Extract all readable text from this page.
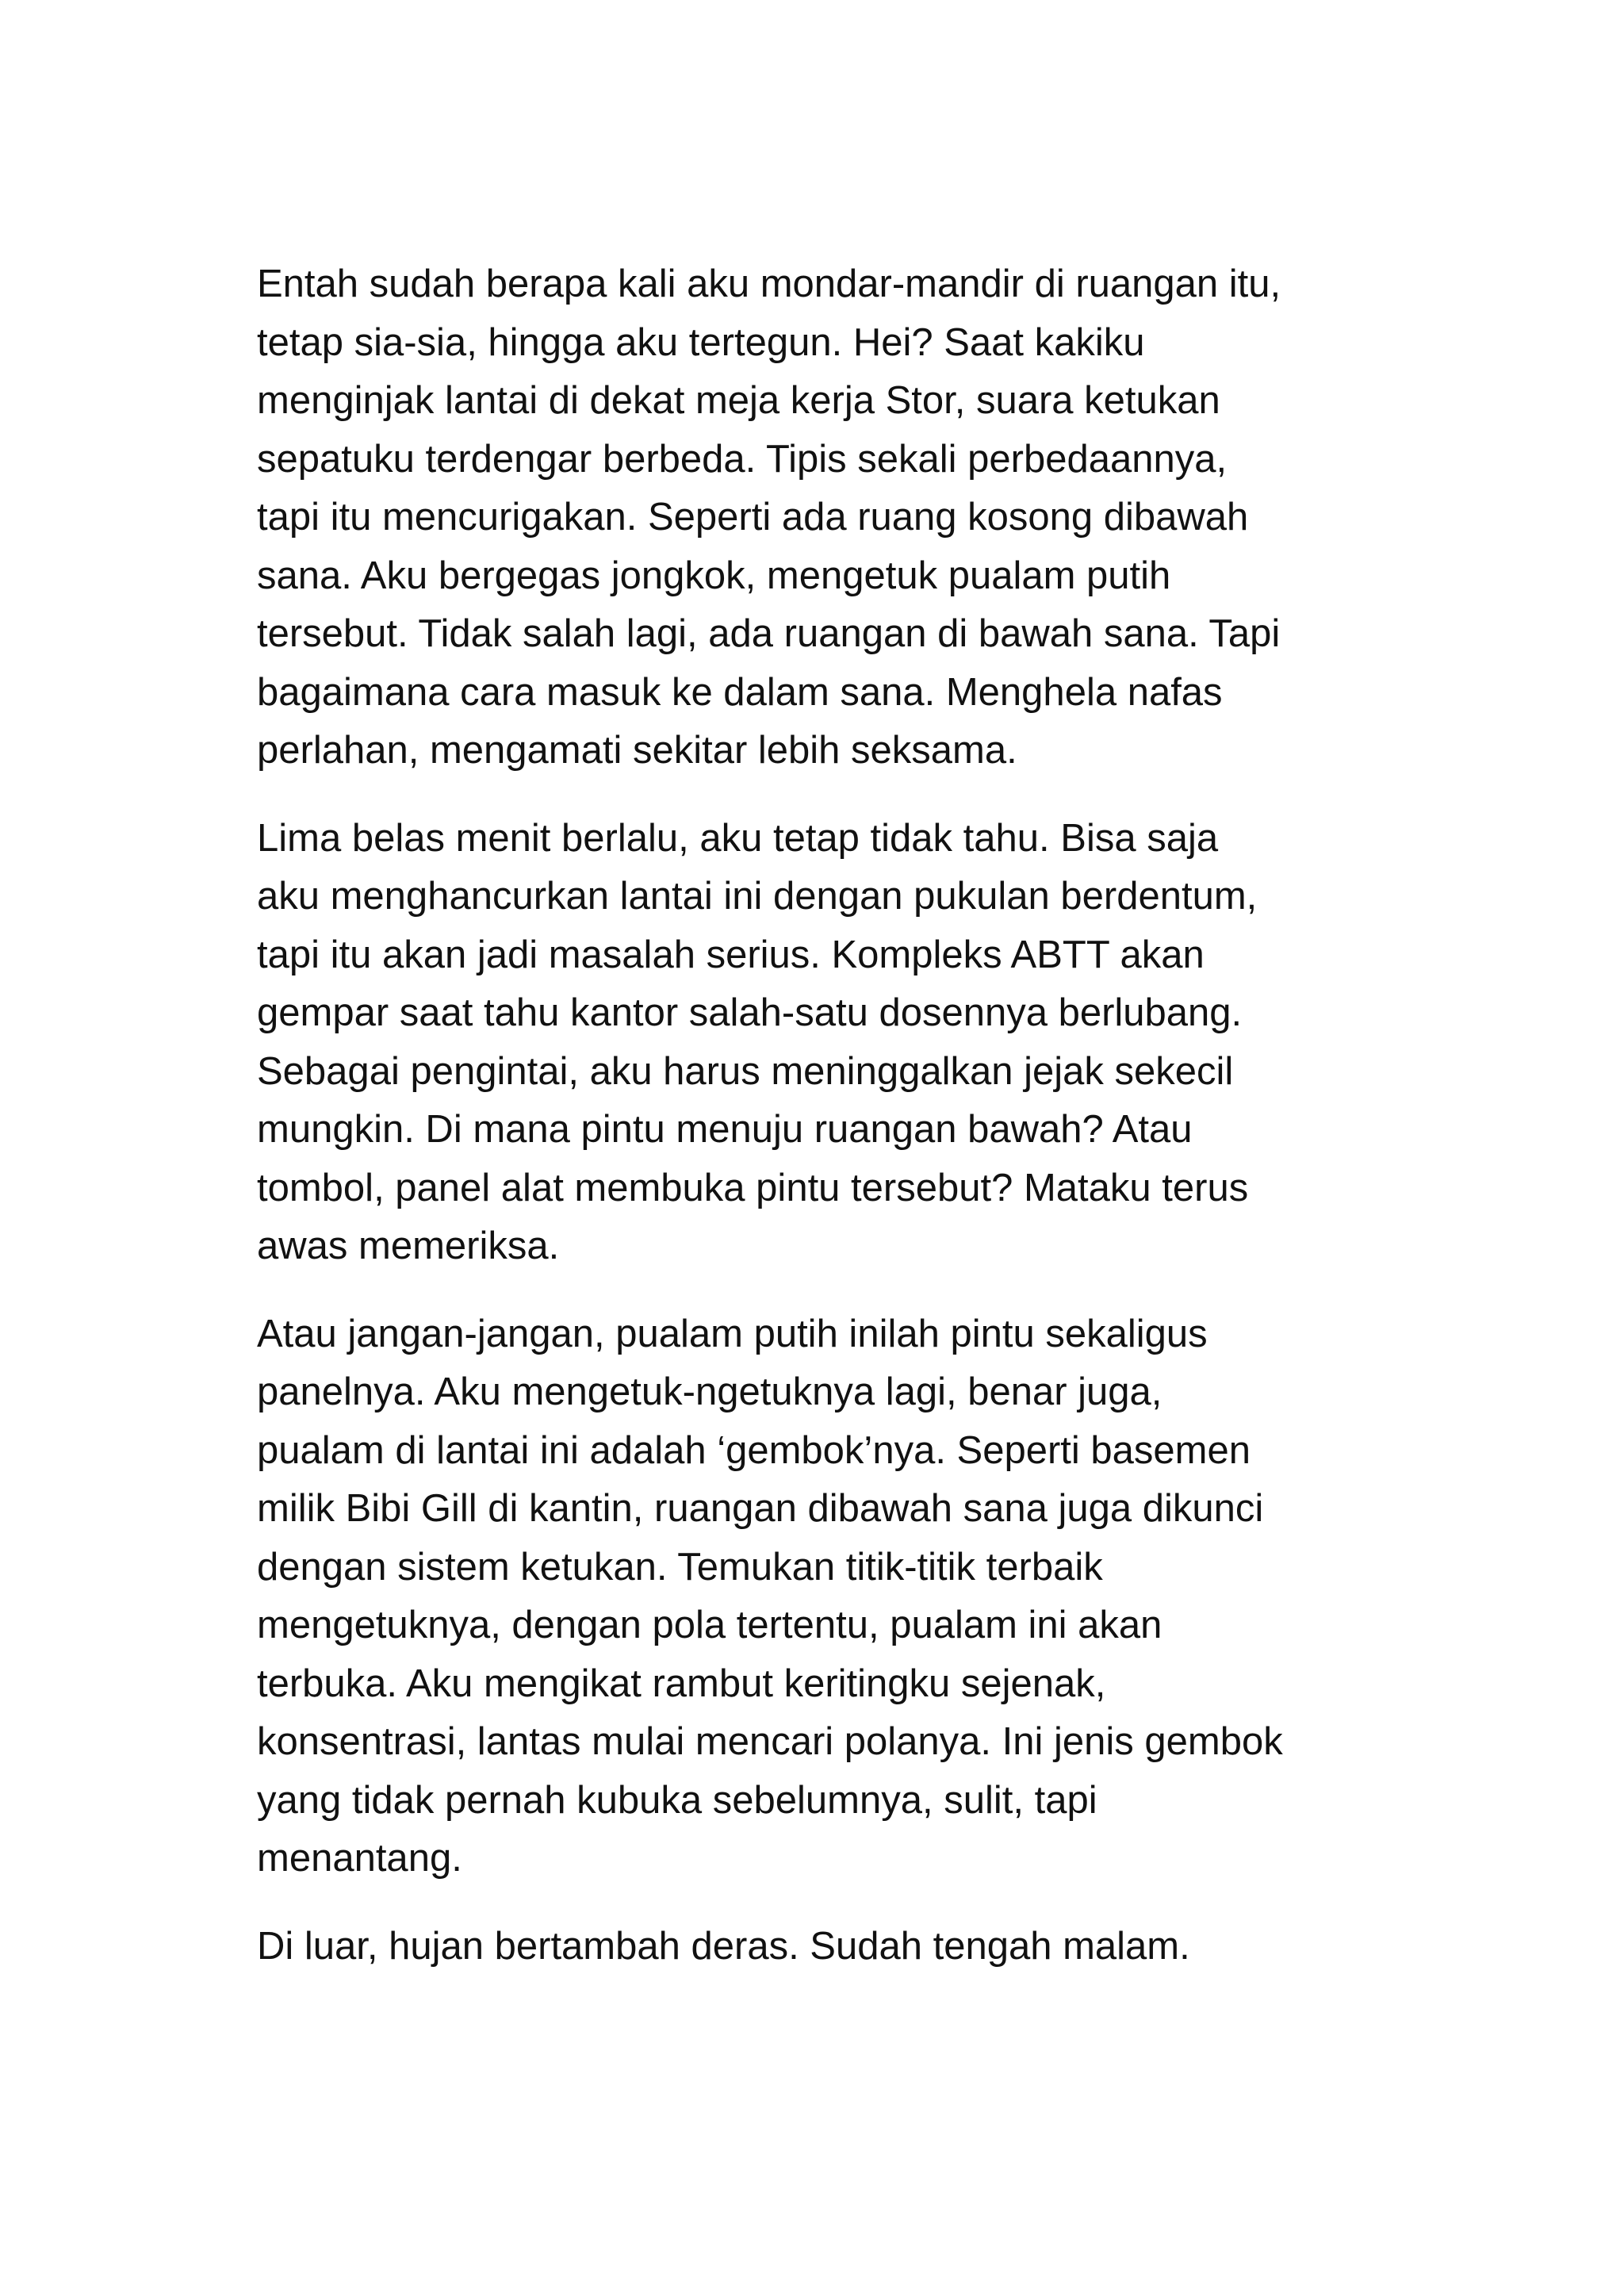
Entah sudah berapa kali aku mondar-mandir di ruangan itu,
tetap sia-sia, hingga aku tertegun. Hei? Saat kakiku
menginjak lantai di dekat meja kerja Stor, suara ketukan
sepatuku terdengar berbeda. Tipis sekali perbedaannya,
tapi itu mencurigakan. Seperti ada ruang kosong dibawah
sana. Aku bergegas jongkok, mengetuk pualam putih
tersebut. Tidak salah lagi, ada ruangan di bawah sana. Tapi
bagaimana cara masuk ke dalam sana. Menghela nafas
perlahan, mengamati sekitar lebih seksama.

Lima belas menit berlalu, aku tetap tidak tahu. Bisa saja
aku menghancurkan lantai ini dengan pukulan berdentum,
tapi itu akan jadi masalah serius. Kompleks ABTT akan
gempar saat tahu kantor salah-satu dosennya berlubang.
Sebagai pengintai, aku harus meninggalkan jejak sekecil
mungkin. Di mana pintu menuju ruangan bawah? Atau
tombol, panel alat membuka pintu tersebut? Mataku terus
awas memeriksa.

Atau jangan-jangan, pualam putih inilah pintu sekaligus
panelnya. Aku mengetuk-ngetuknya lagi, benar juga,
pualam di lantai ini adalah ‘gembok’nya. Seperti basemen
milik Bibi Gill di kantin, ruangan dibawah sana juga dikunci
dengan sistem ketukan. Temukan titik-titik terbaik
mengetuknya, dengan pola tertentu, pualam ini akan
terbuka. Aku mengikat rambut keritingku sejenak,
konsentrasi, lantas mulai mencari polanya. Ini jenis gembok
yang tidak pernah kubuka sebelumnya, sulit, tapi
menantang.

Di luar, hujan bertambah deras. Sudah tengah malam.
